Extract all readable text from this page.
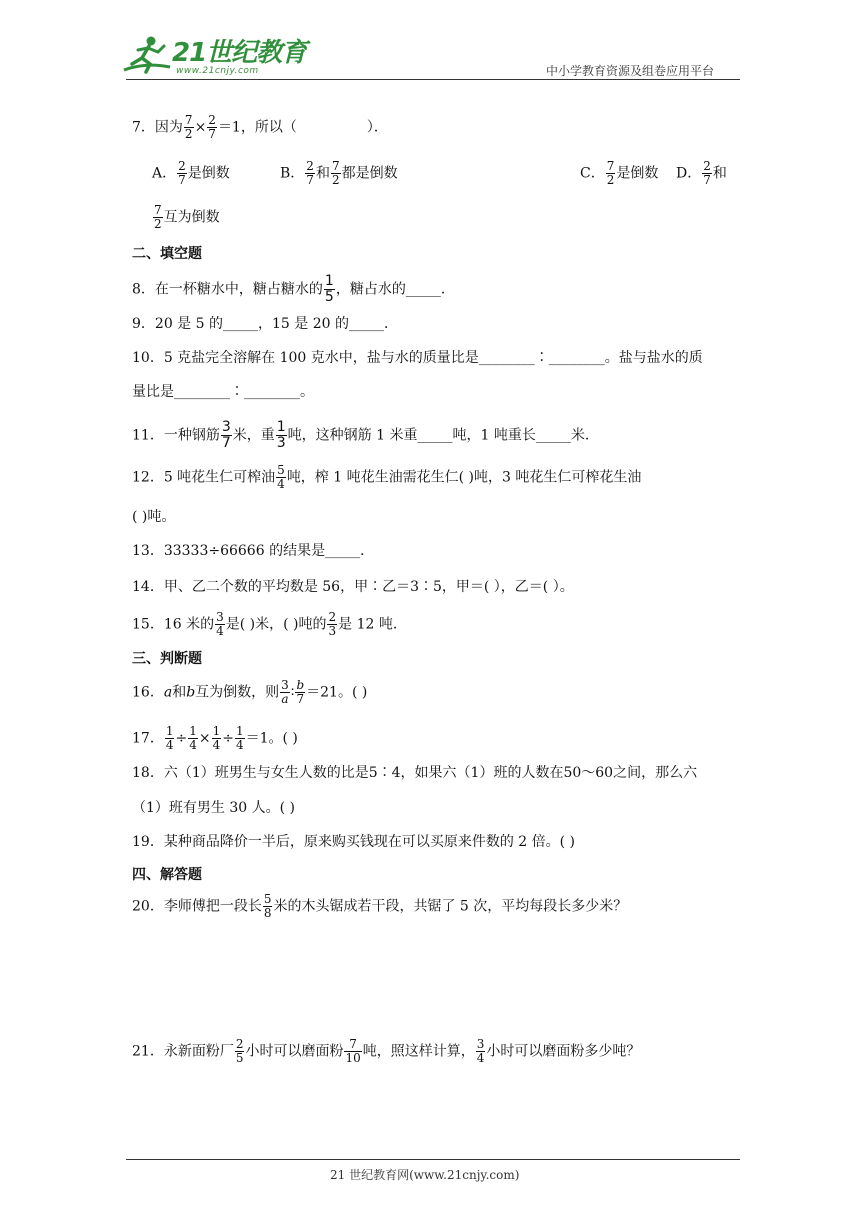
21世纪教育
www.21cnjy.com	中小学教育资源及组卷应用平台
7．因为 $\frac{7}{2} \times \frac{2}{7} =1$，所以（	）．
A． $\frac{2}{7}$ 是倒数	B． $\frac{2}{7}$ 和 $\frac{7}{2}$ 都是倒数	C． $\frac{7}{2}$ 是倒数 D． $\frac{2}{7}$ 和
$\frac{7}{2}$ 互为倒数
二、填空题
8．在一杯糖水中，糖占糖水的 $\frac{1}{5}$ ，糖占水的_____．
9．20 是 5 的_____，15 是 20 的_____．
10．5 克盐完全溶解在 100 克水中，盐与水的质量比是________∶________。盐与盐水的质
量比是________∶________。
11．一种钢筋 $\frac{3}{7}$ 米，重 $\frac{1}{3}$ 吨，这种钢筋 1 米重_____吨，1 吨重长_____米．
12．5 吨花生仁可榨油 $\frac{5}{4}$ 吨，榨 1 吨花生油需花生仁( )吨，3 吨花生仁可榨花生油
( )吨。
13．33333÷66666 的结果是_____．
14．甲、乙二个数的平均数是 56，甲∶乙＝3∶5，甲＝( ），乙＝( ）。
15．16 米的 $\frac{3}{4}$ 是( )米，( )吨的 $\frac{2}{3}$ 是 12 吨．
三、判断题
16．a和b互为倒数，则 $\frac{3}{a}$ ∶ $\frac{b}{7} =21$。( )
17． $\frac{1}{4} \div \frac{1}{4} \times \frac{1}{4} \div \frac{1}{4} =1$。( )
18．六（1）班男生与女生人数的比是5∶4，如果六（1）班的人数在50～60之间，那么六
（1）班有男生 30 人。( )
19．某种商品降价一半后，原来购买钱现在可以买原来件数的 2 倍。( )
四、解答题
20．李师傅把一段长 $\frac{5}{8}$ 米的木头锯成若干段，共锯了 5 次，平均每段长多少米？
21．永新面粉厂 $\frac{2}{5}$ 小时可以磨面粉 $\frac{7}{10}$ 吨，照这样计算， $\frac{3}{4}$ 小时可以磨面粉多少吨？
21 世纪教育网(www.21cnjy.com)
